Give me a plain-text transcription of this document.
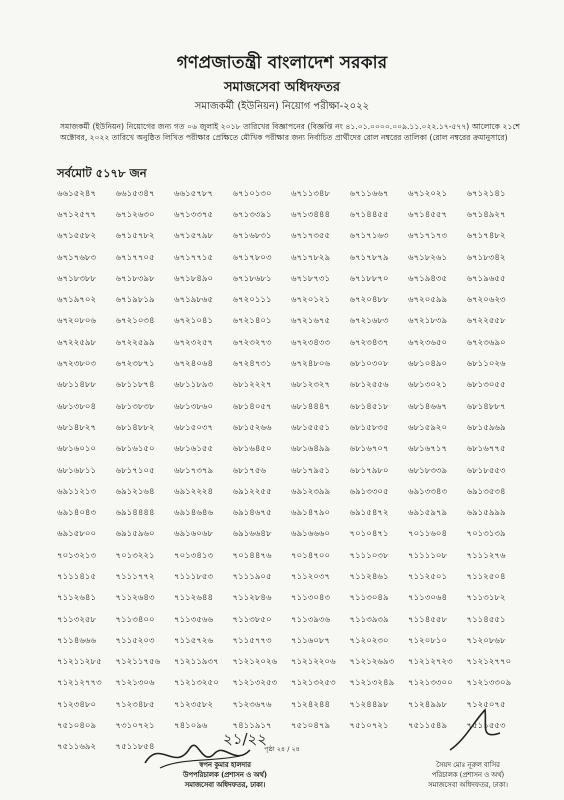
গণপ্রজাতন্ত্রী বাংলাদেশ সরকার
সমাজসেবা অধিদফতর
সমাজকর্মী (ইউনিয়ন) নিয়োগ পরীক্ষা-২০২২
সমাজকর্মী (ইউনিয়ন) নিয়োগের জন্য গত ০৬ জুলাই ২০১৮ তারিখের বিজ্ঞাপনের (বিজ্ঞপ্তি নং ৪১.০১.০০০০.০০৯.১১.০২২.১৭-৫৭৭) আলোকে ২১শে অক্টোবর, ২০২২ তারিখে অনুষ্ঠিত লিখিত পরীক্ষার প্রেক্ষিতে মৌখিক পরীক্ষার জন্য নির্বাচিত প্রার্থীদের রোল নম্বরের তালিকা (রোল নম্বরের ক্রমানুসারে)
সর্বমোট ৫১৭৮ জন
৬৬১৫২৪৭	৬৬১৫৩৪৭	৬৬১৫৭৮৭	৬৭১০১৩০	৬৭১১৩৪৮	৬৭১১৬৬৭	৬৭১২০২১	৬৭১২১৪১
৬৭১২৫৭৭	৬৭১২৬৩০	৬৭১৩৩৭৫	৬৭১৩৩৯১	৬৭১৩৪৪৪	৬৭১৪৪৫৫	৬৭১৪৫৫৭	৬৭১৪৯২৭
৬৭১৫৫৮২	৬৭১৫৭৮২	৬৭১৫৭৯৮	৬৭১৬৮৩১	৬৭১৭৩৫৫	৬৭১৭১৬৩	৬৭১৭১৭৩	৬৭১৭৪৮২
৬৭১৭৬৮৩	৬৭১৭৭০৫	৬৭১৭৭১৫	৬৭১৭৮০৩	৬৭১৭৮২৯	৬৭১৭৮৭৯	৬৭১৮২৬১	৬৭১৮৩৪২
৬৭১৮৩৮৮	৬৭১৮৩৯৮	৬৭১৮৪৯০	৬৭১৮৬৮১	৬৭১৮৭৩১	৬৭১৮৮৭০	৬৭১৯৪৩৫	৬৭১৯৬৫৫
৬৭১৯৭০২	৬৭১৯৮১৯	৬৭১৯৮৬৫	৬৭২০১১১	৬৭২০১২১	৬৭২০৪৮৮	৬৭২০৫৯৯	৬৭২০৬২৩
৬৭২০৮০৬	৬৭২১০৩৪	৬৭২১০৪১	৬৭২১৪০১	৬৭২১৬৭৫	৬৭২১৬৮৩	৬৭২১৮৩৯	৬৭২২৫৫৮
৬৭২২৫৯৮	৬৭২২৫৯৯	৬৭২৩২৫৭	৬৭২৩২৭৩	৬৭২৩৪৩৩	৬৭২৩৪৩৭	৬৭২৩৬৫০	৬৭২৩৬৯০
৬৭২৩৮০৩	৬৭২৩৮৭১	৬৭২৪০৬৪	৬৭২৪৭৩১	৬৭২৪৮০৬	৬৮১০৩০৮	৬৮১০৪৯০	৬৮১১০২৬
৬৮১১৪৮৮	৬৮১১৮৭৪	৬৮১১৮৯৩	৬৮১২২২৭	৬৮১২৩২৭	৬৮১২৫৫৬	৬৮১৩০২১	৬৮১৩০৫৫
৬৮১৩৮০৪	৬৮১৩৮৩৮	৬৮১৩৮৬০	৬৮১৪০৫৭	৬৮১৪৪৪৭	৬৮১৪৫১৮	৬৮১৪৬৬৭	৬৮১৪৮৮৭
৬৮১৪৮২৭	৬৮১৪৮৮২	৬৮১৫০৩৭	৬৮১৫২৬৬	৬৮১৫৫৫১	৬৮১৫৮৩৫	৬৮১৫৯২০	৬৮১৫৯৬৯
৬৮১৬০১০	৬৮১৬১৫০	৬৮১৬১৫৫	৬৮১৬৪৫০	৬৮১৬৪৯৯	৬৮১৬৭০৭	৬৮১৬৭১৭	৬৮১৬৭৭৫
৬৮১৬৮১১	৬৮১৭১০৫	৬৮১৭৩৭৯	৬৮১৭৫৬	৬৮১৭৯৫১	৬৮১৭৯৮০	৬৮১৮৩৩৯	৬৮১৮৫৫৩
৬৯১১২১৩	৬৯১২১৬৪	৬৯১২২২৪	৬৯১২২৫৫	৬৯১২৩৯৯	৬৯১৩৩০৫	৬৯১৩৩৪৩	৬৯১৩৫৩৪
৬৯১৪০৪৩	৬৯১৪৪৪৪	৬৯১৪৬৪৬	৬৯১৪৬৭৫	৬৯১৪৭৯০	৬৯১৫৪৭২	৬৯১৫৯৭৯	৬৯১৫৯৯৯
৬৯১৫৮০০	৬৯১৫৯৬০	৬৯১৬০৬৮	৬৯১৬৬৪৮	৬৯১৬৬৬০	৭০১০৪৭১	৭০১১৬০৪	৭০১৩১৩৯
৭০১৩২১৩	৭০১৩২২১	৭০১৩৪১৩	৭০১৪৪৭৬	৭০১৪৭০০	৭১১১০৩৮	৭১১১১০৮	৭১১১২৭৬
৭১১১৪১৫	৭১১১৭৭২	৭১১১৮৫৩	৭১১১৯০৫	৭১১২০৩৭	৭১১২৪৬১	৭১১২৫০১	৭১১২৫০৪
৭১১২৬৪১	৭১১২৬৪৩	৭১১২৬৪৪	৭১১২৮৪৬	৭১১৩০৪৩	৭১১৩০৪৯	৭১১৩০৬৪	৭১১৩১৮২
৭১১৩২৫৮	৭১১৩৪০০	৭১১৩৫৬৬	৭১১৩৮৫০	৭১১৩৯৩৬	৭১১৩৯৩৯	৭১১৪৫৫৮	৭১১৪৫৫১
৭১১৪৬৬৬	৭১১৫২০৩	৭১১৫৭২৬	৭১১৫৭৭৩	৭১১৬০৮৭	৭১২০২৩০	৭১২০৮১০	৭১২০৮৬৮
৭১২১১২৮৫	৭১২১১৭৫৬	৭১২১১৯৩৭	৭১২১২০২৬	৭১২১২২০৬	৭১২১২৬৯৩	৭১২১২৭২৩	৭১২১২৭৭০
৭১২১২৭৭৩	৭১২১৩০৬	৭১২১৩২৫০	৭১২১৩২৫৩	৭১২১৩২৫৩	৭১২১৩২৪৯	৭১২১৩৩০০	৭১২১৩৩০৯
৭১২৩৪৮০	৭১২৩৪৮৫	৭১২৩৫৮২	৭১২৩৬৭৬	৭১২৪২৪৪	৭১২৪৪৯৮	৭১২৪৯৯৮	৭১২৫০৭৫
৭৫১০৪০৯	৭৩১০৭২১	৭৪১০৯৬	৭৪১১৯১৭	৭৫১০৪৭৯	৭৫১০৭২১	৭৫১১৫৪৯	৭৫১১৫৫৩
৭৫১১৬৯২	৭৫১১৮৫৪	পৃষ্ঠা ২৪ / ২৪
২১/২২
স্বপন কুমার হালদার
উপপরিচালক (প্রশাসন ও অর্থ)
সমাজসেবা অধিদফতর, ঢাকা।
সৈয়দ মোঃ নূরুল বাসির
পরিচালক (প্রশাসন ও অর্থ)
সমাজসেবা অধিদফতর, ঢাকা।
